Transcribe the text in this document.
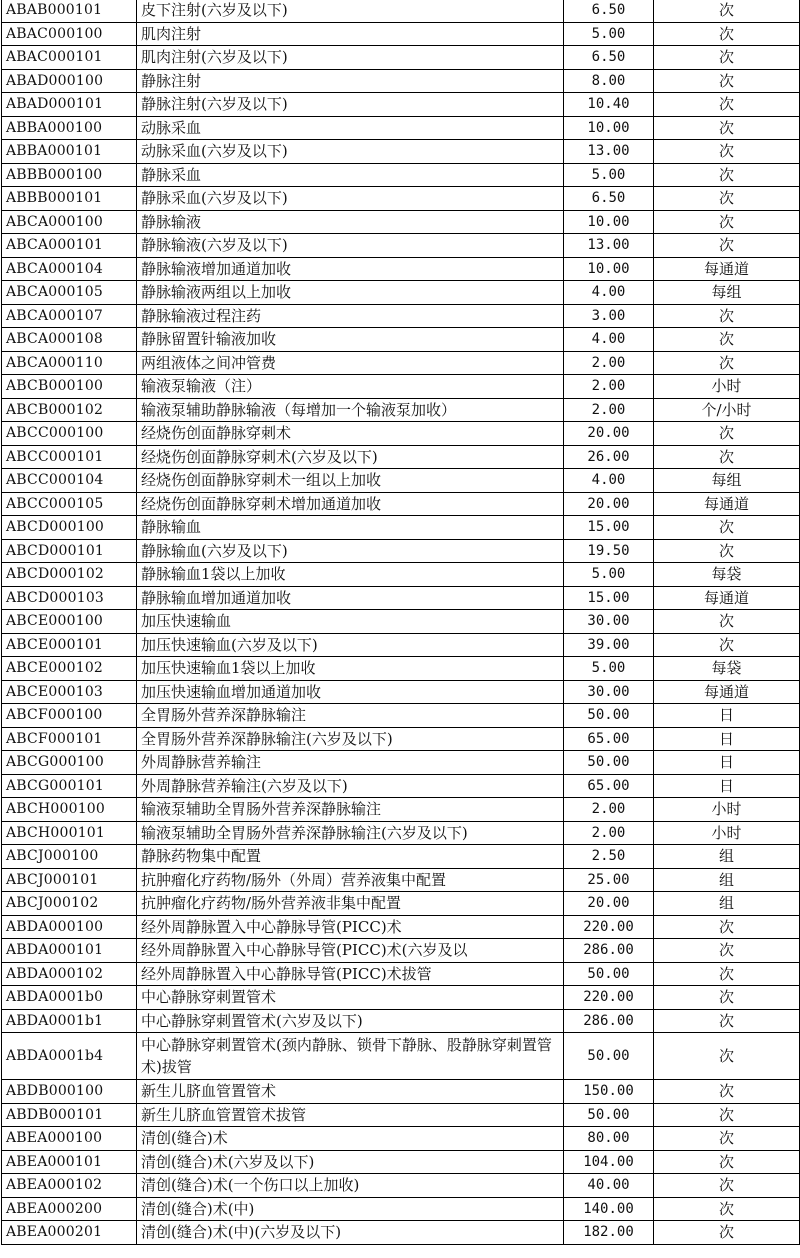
ABAB000101	皮下注射(六岁及以下)	6.50	次
ABAC000100	肌肉注射	5.00	次
ABAC000101	肌肉注射(六岁及以下)	6.50	次
ABAD000100	静脉注射	8.00	次
ABAD000101	静脉注射(六岁及以下)	10.40	次
ABBA000100	动脉采血	10.00	次
ABBA000101	动脉采血(六岁及以下)	13.00	次
ABBB000100	静脉采血	5.00	次
ABBB000101	静脉采血(六岁及以下)	6.50	次
ABCA000100	静脉输液	10.00	次
ABCA000101	静脉输液(六岁及以下)	13.00	次
ABCA000104	静脉输液增加通道加收	10.00	每通道
ABCA000105	静脉输液两组以上加收	4.00	每组
ABCA000107	静脉输液过程注药	3.00	次
ABCA000108	静脉留置针输液加收	4.00	次
ABCA000110	两组液体之间冲管费	2.00	次
ABCB000100	输液泵输液（注）	2.00	小时
ABCB000102	输液泵辅助静脉输液（每增加一个输液泵加收）	2.00	个/小时
ABCC000100	经烧伤创面静脉穿刺术	20.00	次
ABCC000101	经烧伤创面静脉穿刺术(六岁及以下)	26.00	次
ABCC000104	经烧伤创面静脉穿刺术一组以上加收	4.00	每组
ABCC000105	经烧伤创面静脉穿刺术增加通道加收	20.00	每通道
ABCD000100	静脉输血	15.00	次
ABCD000101	静脉输血(六岁及以下)	19.50	次
ABCD000102	静脉输血1袋以上加收	5.00	每袋
ABCD000103	静脉输血增加通道加收	15.00	每通道
ABCE000100	加压快速输血	30.00	次
ABCE000101	加压快速输血(六岁及以下)	39.00	次
ABCE000102	加压快速输血1袋以上加收	5.00	每袋
ABCE000103	加压快速输血增加通道加收	30.00	每通道
ABCF000100	全胃肠外营养深静脉输注	50.00	日
ABCF000101	全胃肠外营养深静脉输注(六岁及以下)	65.00	日
ABCG000100	外周静脉营养输注	50.00	日
ABCG000101	外周静脉营养输注(六岁及以下)	65.00	日
ABCH000100	输液泵辅助全胃肠外营养深静脉输注	2.00	小时
ABCH000101	输液泵辅助全胃肠外营养深静脉输注(六岁及以下)	2.00	小时
ABCJ000100	静脉药物集中配置	2.50	组
ABCJ000101	抗肿瘤化疗药物/肠外（外周）营养液集中配置	25.00	组
ABCJ000102	抗肿瘤化疗药物/肠外营养液非集中配置	20.00	组
ABDA000100	经外周静脉置入中心静脉导管(PICC)术	220.00	次
ABDA000101	经外周静脉置入中心静脉导管(PICC)术(六岁及以	286.00	次
ABDA000102	经外周静脉置入中心静脉导管(PICC)术拔管	50.00	次
ABDA0001b0	中心静脉穿刺置管术	220.00	次
ABDA0001b1	中心静脉穿刺置管术(六岁及以下)	286.00	次
ABDA0001b4	中心静脉穿刺置管术(颈内静脉、锁骨下静脉、股静脉穿刺置管术)拔管	50.00	次
ABDB000100	新生儿脐血管置管术	150.00	次
ABDB000101	新生儿脐血管置管术拔管	50.00	次
ABEA000100	清创(缝合)术	80.00	次
ABEA000101	清创(缝合)术(六岁及以下)	104.00	次
ABEA000102	清创(缝合)术(一个伤口以上加收)	40.00	次
ABEA000200	清创(缝合)术(中)	140.00	次
ABEA000201	清创(缝合)术(中)(六岁及以下)	182.00	次
